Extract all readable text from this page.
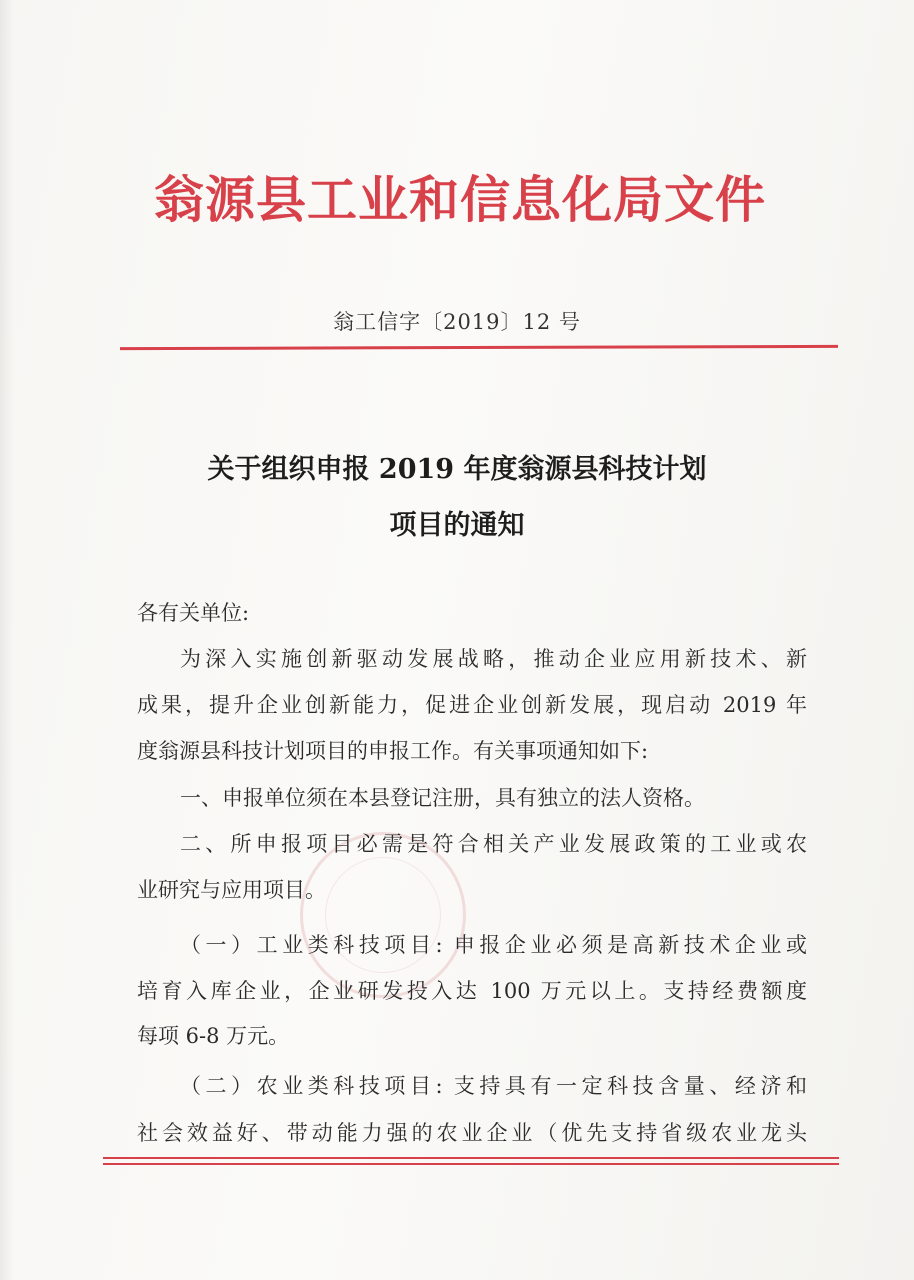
翁源县工业和信息化局文件
翁工信字〔2019〕12 号
关于组织申报 2019 年度翁源县科技计划
项目的通知
各有关单位:
为深入实施创新驱动发展战略，推动企业应用新技术、新
成果，提升企业创新能力，促进企业创新发展，现启动 2019 年
度翁源县科技计划项目的申报工作。有关事项通知如下:
一、申报单位须在本县登记注册，具有独立的法人资格。
二、所申报项目必需是符合相关产业发展政策的工业或农
业研究与应用项目。
（一）工业类科技项目: 申报企业必须是高新技术企业或
培育入库企业，企业研发投入达 100 万元以上。支持经费额度
每项 6-8 万元。
（二）农业类科技项目: 支持具有一定科技含量、经济和
社会效益好、带动能力强的农业企业（优先支持省级农业龙头
